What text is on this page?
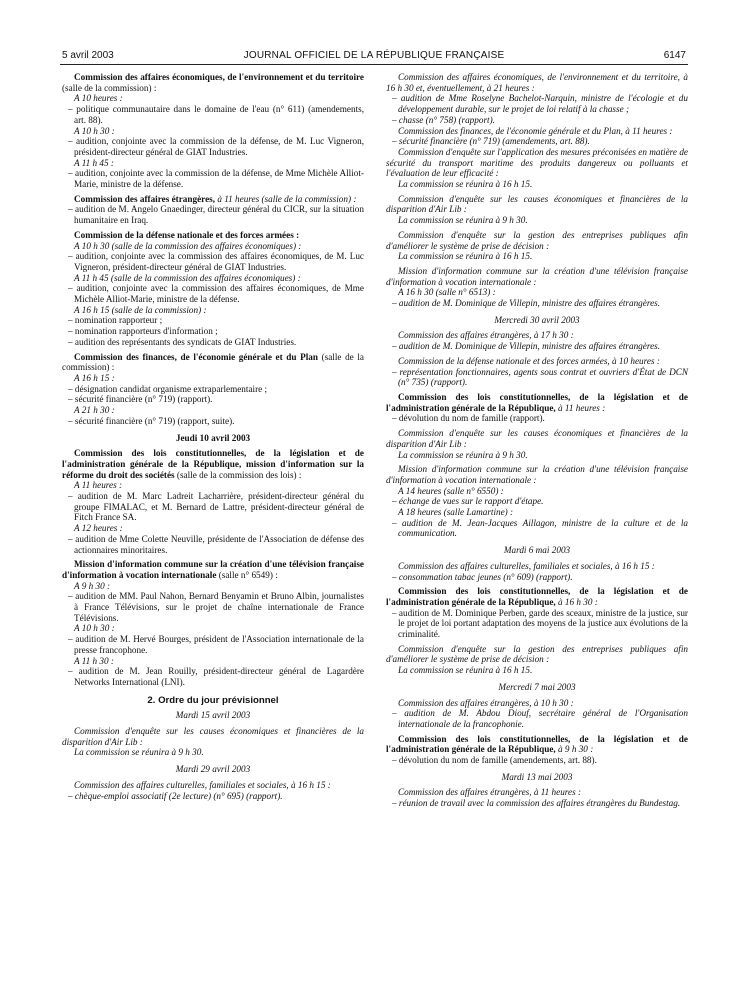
5 avril 2003	JOURNAL OFFICIEL DE LA RÉPUBLIQUE FRANÇAISE	6147

Commission des affaires économiques, de l'environnement et du territoire (salle de la commission) :

A 10 heures :

– politique communautaire dans le domaine de l'eau (n° 611) (amendements, art. 88).

A 10 h 30 :

– audition, conjointe avec la commission de la défense, de M. Luc Vigneron, président-directeur général de GIAT Industries.

A 11 h 45 :

– audition, conjointe avec la commission de la défense, de Mme Michèle Alliot-Marie, ministre de la défense.

Commission des affaires étrangères, à 11 heures (salle de la commission) :

– audition de M. Angelo Gnaedinger, directeur général du CICR, sur la situation humanitaire en Iraq.

Commission de la défense nationale et des forces armées :

A 10 h 30 (salle de la commission des affaires économiques) :

– audition, conjointe avec la commission des affaires économiques, de M. Luc Vigneron, président-directeur général de GIAT Industries.

A 11 h 45 (salle de la commission des affaires économiques) :

– audition, conjointe avec la commission des affaires économiques, de Mme Michèle Alliot-Marie, ministre de la défense.

A 16 h 15 (salle de la commission) :

– nomination rapporteur ;

– nomination rapporteurs d'information ;

– audition des représentants des syndicats de GIAT Industries.

Commission des finances, de l'économie générale et du Plan (salle de la commission) :

A 16 h 15 :

– désignation candidat organisme extraparlementaire ;

– sécurité financière (n° 719) (rapport).

A 21 h 30 :

– sécurité financière (n° 719) (rapport, suite).

Jeudi 10 avril 2003

Commission des lois constitutionnelles, de la législation et de l'administration générale de la République, mission d'information sur la réforme du droit des sociétés (salle de la commission des lois) :

A 11 heures :

– audition de M. Marc Ladreit Lacharrière, président-directeur général du groupe FIMALAC, et M. Bernard de Lattre, président-directeur général de Fitch France SA.

A 12 heures :

– audition de Mme Colette Neuville, présidente de l'Association de défense des actionnaires minoritaires.

Mission d'information commune sur la création d'une télévision française d'information à vocation internationale (salle n° 6549) :

A 9 h 30 :

– audition de MM. Paul Nahon, Bernard Benyamin et Bruno Albin, journalistes à France Télévisions, sur le projet de chaîne internationale de France Télévisions.

A 10 h 30 :

– audition de M. Hervé Bourges, président de l'Association internationale de la presse francophone.

A 11 h 30 :

– audition de M. Jean Rouilly, président-directeur général de Lagardère Networks International (LNI).

2. Ordre du jour prévisionnel

Mardi 15 avril 2003

Commission d'enquête sur les causes économiques et financières de la disparition d'Air Lib :

La commission se réunira à 9 h 30.

Mardi 29 avril 2003

Commission des affaires culturelles, familiales et sociales, à 16 h 15 :

– chèque-emploi associatif (2e lecture) (n° 695) (rapport).

Commission des affaires économiques, de l'environnement et du territoire, à 16 h 30 et, éventuellement, à 21 heures :

– audition de Mme Roselyne Bachelot-Narquin, ministre de l'écologie et du développement durable, sur le projet de loi relatif à la chasse ;

– chasse (n° 758) (rapport).

Commission des finances, de l'économie générale et du Plan, à 11 heures :

– sécurité financière (n° 719) (amendements, art. 88).

Commission d'enquête sur l'application des mesures préconisées en matière de sécurité du transport maritime des produits dangereux ou polluants et l'évaluation de leur efficacité :

La commission se réunira à 16 h 15.

Commission d'enquête sur les causes économiques et financières de la disparition d'Air Lib :

La commission se réunira à 9 h 30.

Commission d'enquête sur la gestion des entreprises publiques afin d'améliorer le système de prise de décision :

La commission se réunira à 16 h 15.

Mission d'information commune sur la création d'une télévision française d'information à vocation internationale :

A 16 h 30 (salle n° 6513) :

– audition de M. Dominique de Villepin, ministre des affaires étrangères.

Mercredi 30 avril 2003

Commission des affaires étrangères, à 17 h 30 :

– audition de M. Dominique de Villepin, ministre des affaires étrangères.

Commission de la défense nationale et des forces armées, à 10 heures :

– représentation fonctionnaires, agents sous contrat et ouvriers d'État de DCN (n° 735) (rapport).

Commission des lois constitutionnelles, de la législation et de l'administration générale de la République, à 11 heures :

– dévolution du nom de famille (rapport).

Commission d'enquête sur les causes économiques et financières de la disparition d'Air Lib :

La commission se réunira à 9 h 30.

Mission d'information commune sur la création d'une télévision française d'information à vocation internationale :

A 14 heures (salle n° 6550) :

– échange de vues sur le rapport d'étape.

A 18 heures (salle Lamartine) :

– audition de M. Jean-Jacques Aillagon, ministre de la culture et de la communication.

Mardi 6 mai 2003

Commission des affaires culturelles, familiales et sociales, à 16 h 15 :

– consommation tabac jeunes (n° 609) (rapport).

Commission des lois constitutionnelles, de la législation et de l'administration générale de la République, à 16 h 30 :

– audition de M. Dominique Perben, garde des sceaux, ministre de la justice, sur le projet de loi portant adaptation des moyens de la justice aux évolutions de la criminalité.

Commission d'enquête sur la gestion des entreprises publiques afin d'améliorer le système de prise de décision :

La commission se réunira à 16 h 15.

Mercredi 7 mai 2003

Commission des affaires étrangères, à 10 h 30 :

– audition de M. Abdou Diouf, secrétaire général de l'Organisation internationale de la francophonie.

Commission des lois constitutionnelles, de la législation et de l'administration générale de la République, à 9 h 30 :

– dévolution du nom de famille (amendements, art. 88).

Mardi 13 mai 2003

Commission des affaires étrangères, à 11 heures :

– réunion de travail avec la commission des affaires étrangères du Bundestag.
